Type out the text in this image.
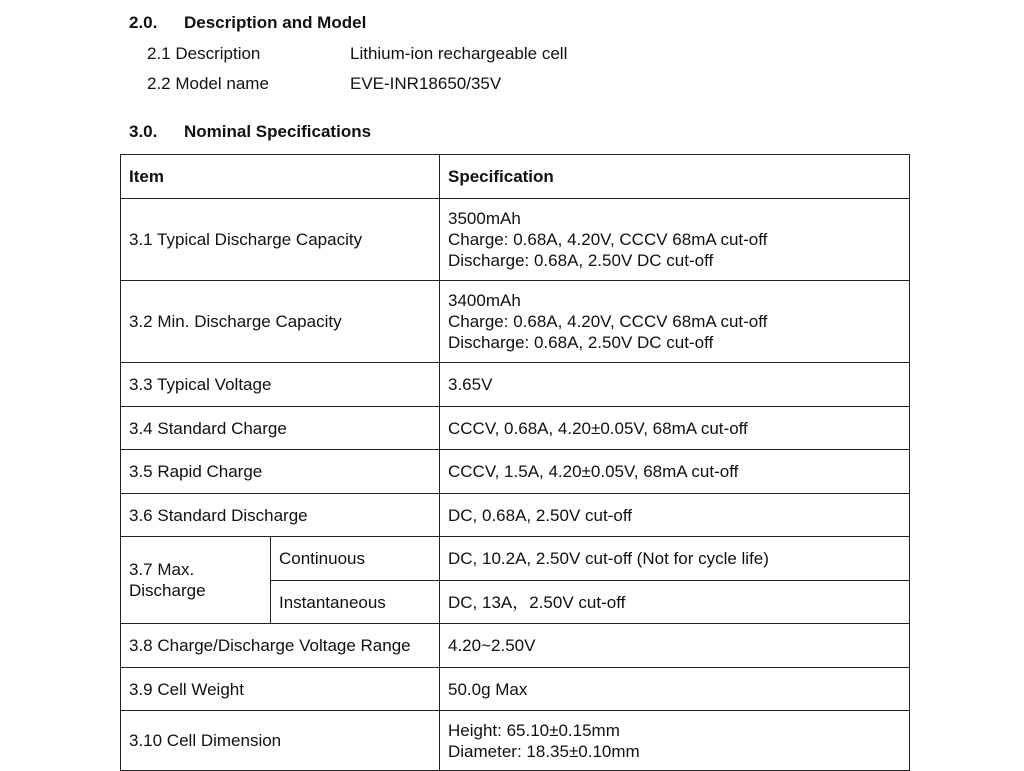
2.0. Description and Model
2.1 Description	Lithium-ion rechargeable cell
2.2 Model name	EVE-INR18650/35V
3.0. Nominal Specifications
Item		Specification
3.1 Typical Discharge Capacity		3500mAh
Charge: 0.68A, 4.20V, CCCV 68mA cut-off
Discharge: 0.68A, 2.50V DC cut-off

3.2 Min. Discharge Capacity		3400mAh
Charge: 0.68A, 4.20V, CCCV 68mA cut-off
Discharge: 0.68A, 2.50V DC cut-off

3.3 Typical Voltage		3.65V
3.4 Standard Charge		CCCV, 0.68A, 4.20±0.05V, 68mA cut-off
3.5 Rapid Charge		CCCV, 1.5A, 4.20±0.05V, 68mA cut-off
3.6 Standard Discharge		DC, 0.68A, 2.50V cut-off

3.7 Max.
Discharge	Continuous	DC, 10.2A, 2.50V cut-off (Not for cycle life)
	Instantaneous	DC, 13A，2.50V cut-off
3.8 Charge/Discharge Voltage Range		4.20~2.50V
3.9 Cell Weight		50.0g Max
3.10 Cell Dimension		Height: 65.10±0.15mm
Diameter: 18.35±0.10mm
